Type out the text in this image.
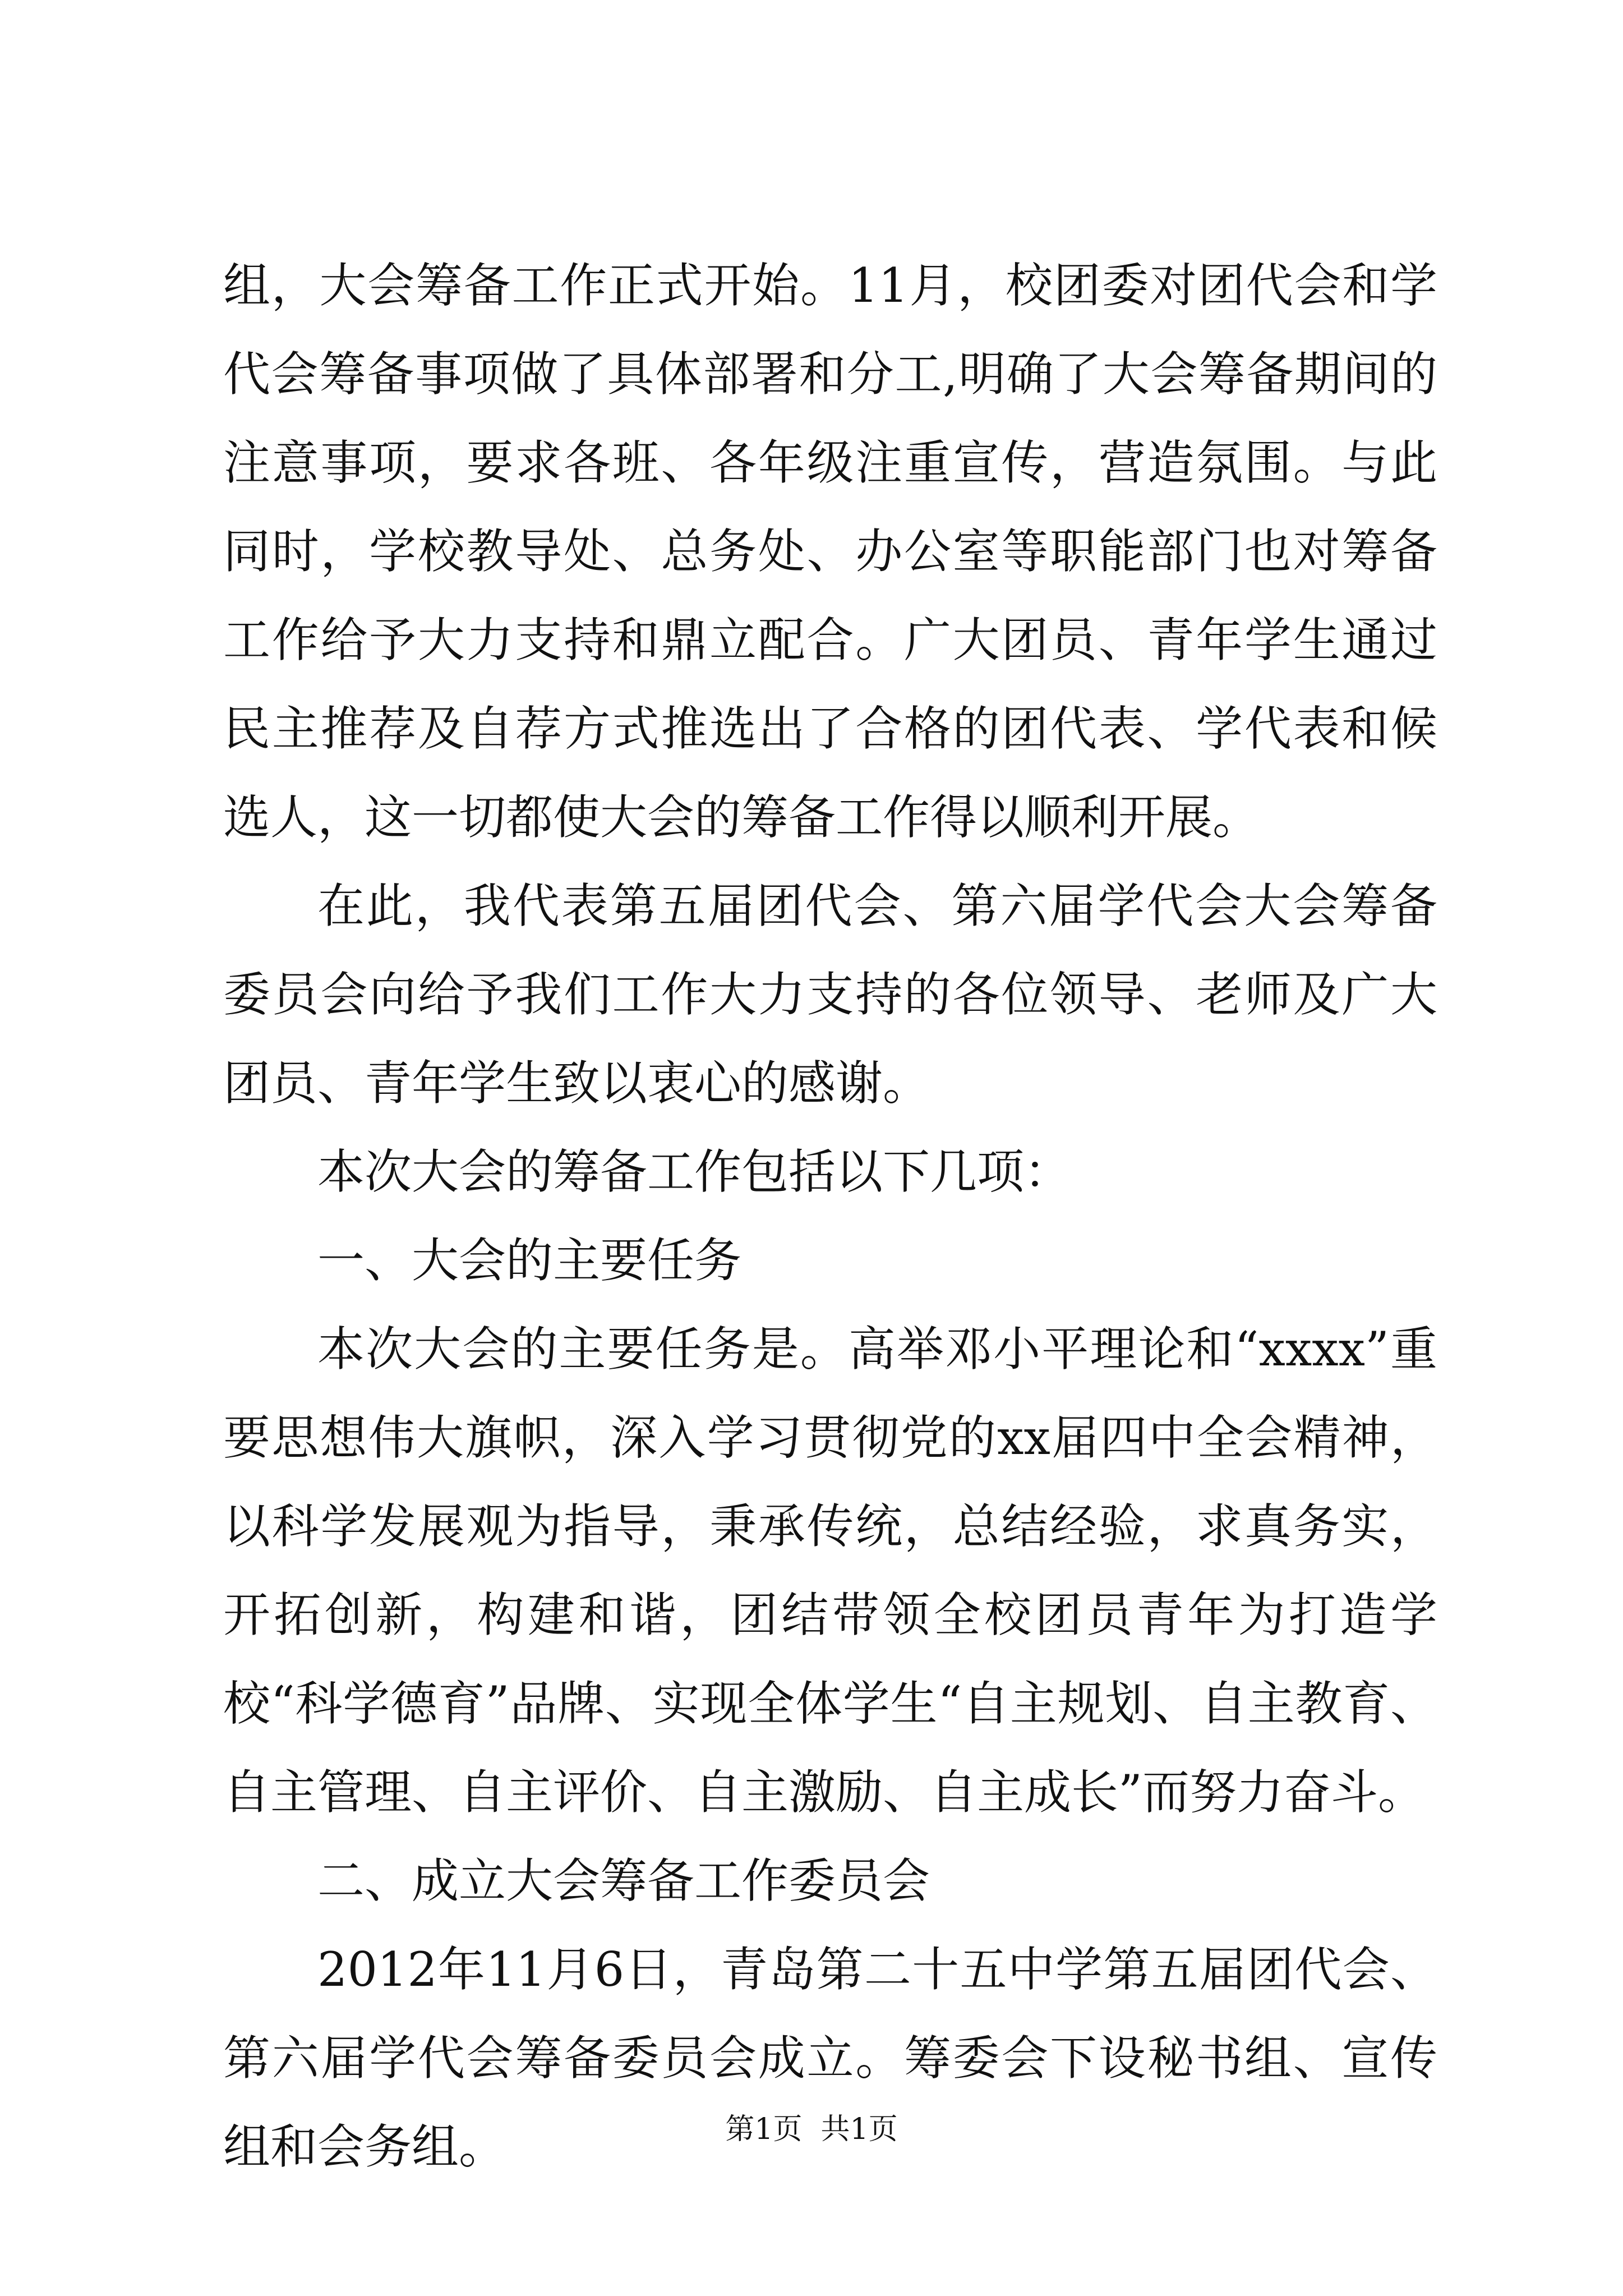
组，大会筹备工作正式开始。11月，校团委对团代会和学代会筹备事项做了具体部署和分工,明确了大会筹备期间的注意事项，要求各班、各年级注重宣传，营造氛围。与此同时，学校教导处、总务处、办公室等职能部门也对筹备工作给予大力支持和鼎立配合。广大团员、青年学生通过民主推荐及自荐方式推选出了合格的团代表、学代表和候选人，这一切都使大会的筹备工作得以顺利开展。

在此，我代表第五届团代会、第六届学代会大会筹备委员会向给予我们工作大力支持的各位领导、老师及广大团员、青年学生致以衷心的感谢。

本次大会的筹备工作包括以下几项：

一、大会的主要任务

本次大会的主要任务是。高举邓小平理论和“xxxx”重要思想伟大旗帜，深入学习贯彻党的xx届四中全会精神，以科学发展观为指导，秉承传统，总结经验，求真务实，开拓创新，构建和谐，团结带领全校团员青年为打造学校“科学德育”品牌、实现全体学生“自主规划、自主教育、自主管理、自主评价、自主激励、自主成长”而努力奋斗。

二、成立大会筹备工作委员会

2012年11月6日，青岛第二十五中学第五届团代会、第六届学代会筹备委员会成立。筹委会下设秘书组、宣传组和会务组。	第1页  共1页
